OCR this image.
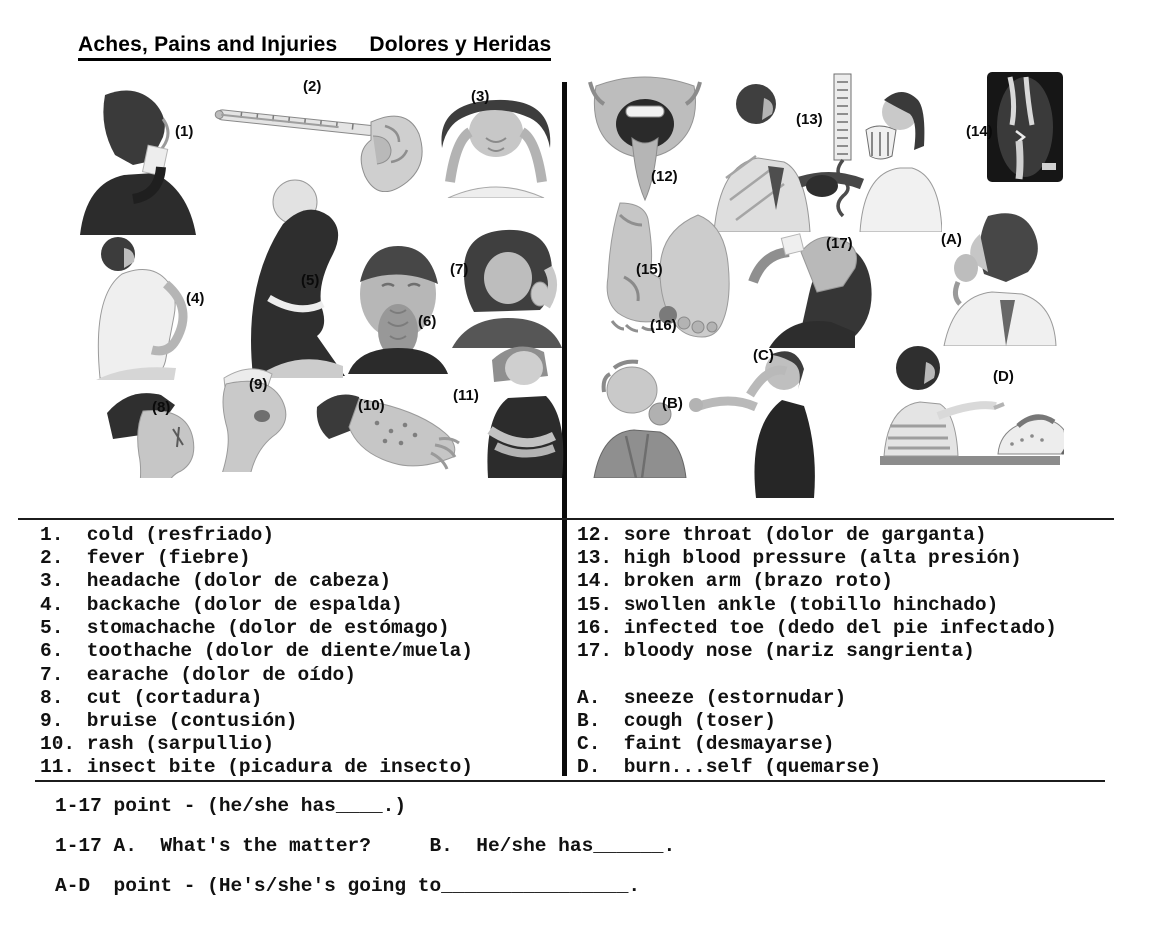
Aches, Pains and Injuries Dolores y Heridas
(1)
(2)
(3)
(4)
(5)
(6)
(7)
(8)
(9)
(10)
(11)
(12)
(13)
(14)
(15)
(16)
(17)	(A)
(B)
(C)
(D)
1.  cold (resfriado)
2.  fever (fiebre)
3.  headache (dolor de cabeza)
4.  backache (dolor de espalda)
5.  stomachache (dolor de estómago)
6.  toothache (dolor de diente/muela)
7.  earache (dolor de oído)
8.  cut (cortadura)
9.  bruise (contusión)
10. rash (sarpullio)
11. insect bite (picadura de insecto)
12. sore throat (dolor de garganta)
13. high blood pressure (alta presión)
14. broken arm (brazo roto)
15. swollen ankle (tobillo hinchado)
16. infected toe (dedo del pie infectado)
17. bloody nose (nariz sangrienta)
A.  sneeze (estornudar)
B.  cough (toser)
C.  faint (desmayarse)
D.  burn...self (quemarse)
1-17 point - (he/she has____.)
1-17 A.  What's the matter?     B.  He/she has______.
A-D  point - (He's/she's going to________________.
